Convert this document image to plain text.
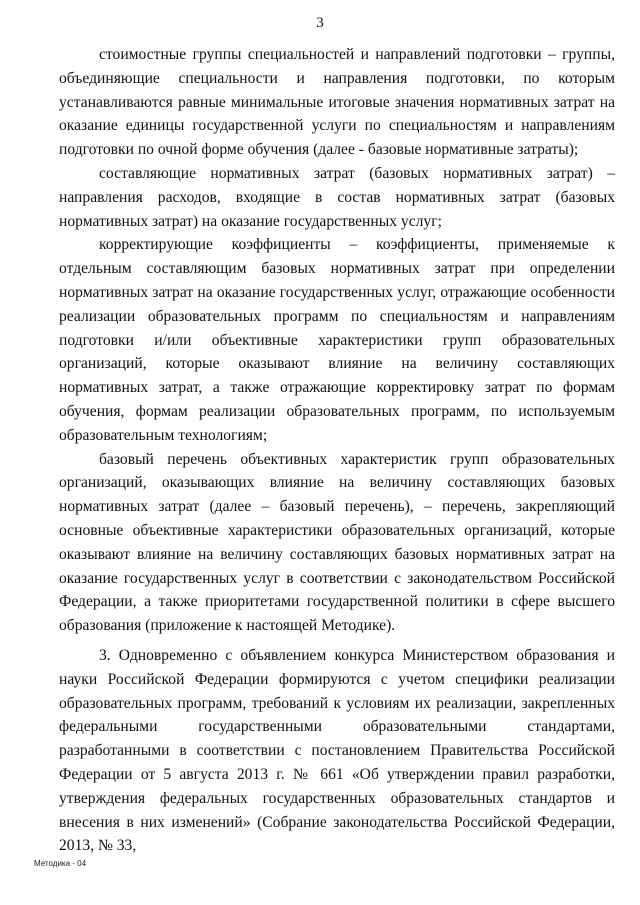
3

стоимостные группы специальностей и направлений подготовки – группы, объединяющие специальности и направления подготовки, по которым устанавливаются равные минимальные итоговые значения нормативных затрат на оказание единицы государственной услуги по специальностям и направлениям подготовки по очной форме обучения (далее - базовые нормативные затраты);

составляющие нормативных затрат (базовых нормативных затрат) – направления расходов, входящие в состав нормативных затрат (базовых нормативных затрат) на оказание государственных услуг;

корректирующие коэффициенты – коэффициенты, применяемые к отдельным составляющим базовых нормативных затрат при определении нормативных затрат на оказание государственных услуг, отражающие особенности реализации образовательных программ по специальностям и направлениям подготовки и/или объективные характеристики групп образовательных организаций, которые оказывают влияние на величину составляющих нормативных затрат, а также отражающие корректировку затрат по формам обучения, формам реализации образовательных программ, по используемым образовательным технологиям;

базовый перечень объективных характеристик групп образовательных организаций, оказывающих влияние на величину составляющих базовых нормативных затрат (далее – базовый перечень), – перечень, закрепляющий основные объективные характеристики образовательных организаций, которые оказывают влияние на величину составляющих базовых нормативных затрат на оказание государственных услуг в соответствии с законодательством Российской Федерации, а также приоритетами государственной политики в сфере высшего образования (приложение к настоящей Методике).

3. Одновременно с объявлением конкурса Министерством образования и науки Российской Федерации формируются с учетом специфики реализации образовательных программ, требований к условиям их реализации, закрепленных федеральными государственными образовательными стандартами, разработанными в соответствии с постановлением Правительства Российской Федерации от 5 августа 2013 г. № 661 «Об утверждении правил разработки, утверждения федеральных государственных образовательных стандартов и внесения в них изменений» (Собрание законодательства Российской Федерации, 2013, № 33,

Методика - 04
